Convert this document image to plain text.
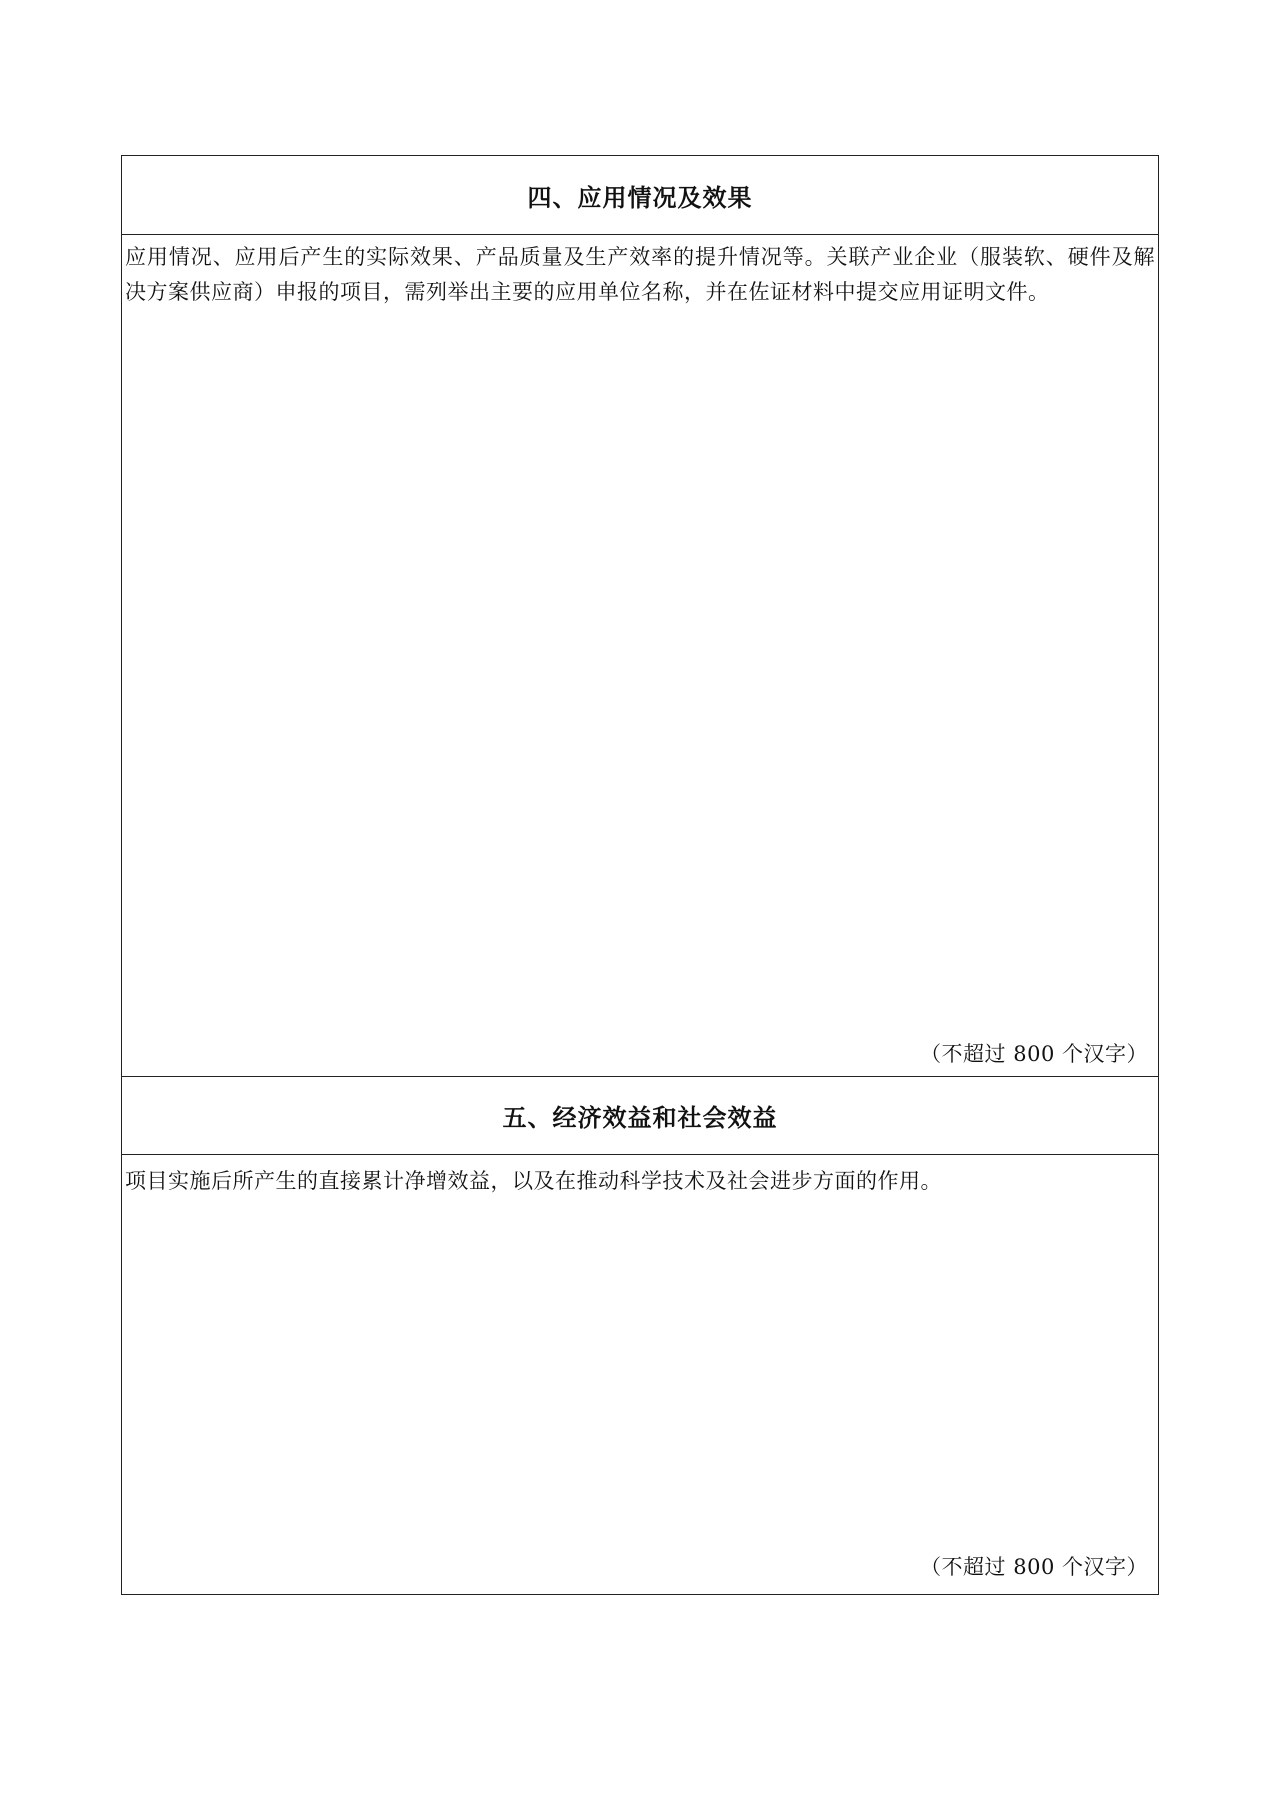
四、应用情况及效果
应用情况、应用后产生的实际效果、产品质量及生产效率的提升情况等。关联产业企业（服装软、硬件及解决方案供应商）申报的项目，需列举出主要的应用单位名称，并在佐证材料中提交应用证明文件。
（不超过 800 个汉字）
五、经济效益和社会效益
项目实施后所产生的直接累计净增效益，以及在推动科学技术及社会进步方面的作用。
（不超过 800 个汉字）
